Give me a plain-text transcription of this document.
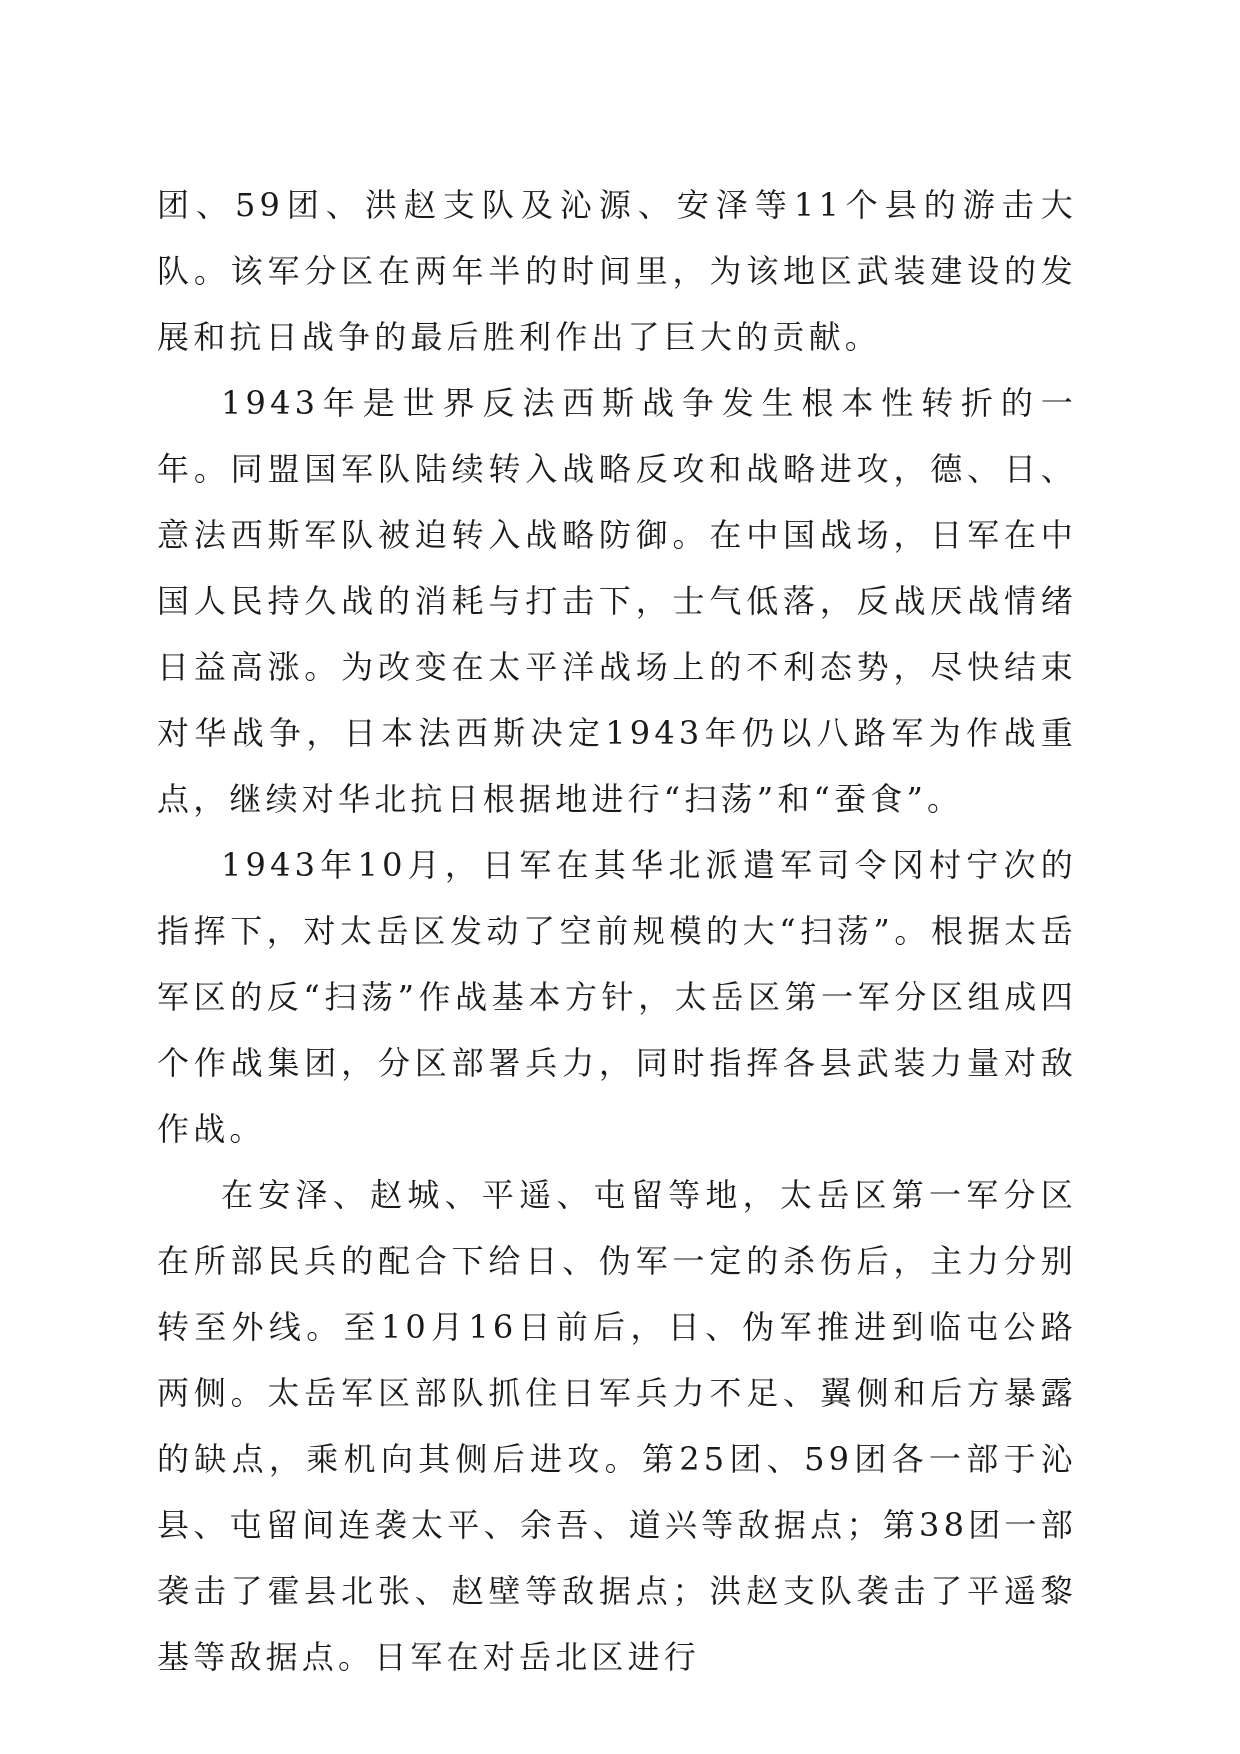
团、59团、洪赵支队及沁源、安泽等11个县的游击大队。该军分区在两年半的时间里，为该地区武装建设的发展和抗日战争的最后胜利作出了巨大的贡献。

1943年是世界反法西斯战争发生根本性转折的一年。同盟国军队陆续转入战略反攻和战略进攻，德、日、意法西斯军队被迫转入战略防御。在中国战场，日军在中国人民持久战的消耗与打击下，士气低落，反战厌战情绪日益高涨。为改变在太平洋战场上的不利态势，尽快结束对华战争，日本法西斯决定1943年仍以八路军为作战重点，继续对华北抗日根据地进行“扫荡”和“蚕食”。

1943年10月，日军在其华北派遣军司令冈村宁次的指挥下，对太岳区发动了空前规模的大“扫荡”。根据太岳军区的反“扫荡”作战基本方针，太岳区第一军分区组成四个作战集团，分区部署兵力，同时指挥各县武装力量对敌作战。

在安泽、赵城、平遥、屯留等地，太岳区第一军分区在所部民兵的配合下给日、伪军一定的杀伤后，主力分别转至外线。至10月16日前后，日、伪军推进到临屯公路两侧。太岳军区部队抓住日军兵力不足、翼侧和后方暴露的缺点，乘机向其侧后进攻。第25团、59团各一部于沁县、屯留间连袭太平、余吾、道兴等敌据点；第38团一部袭击了霍县北张、赵壁等敌据点；洪赵支队袭击了平遥黎基等敌据点。日军在对岳北区进行
